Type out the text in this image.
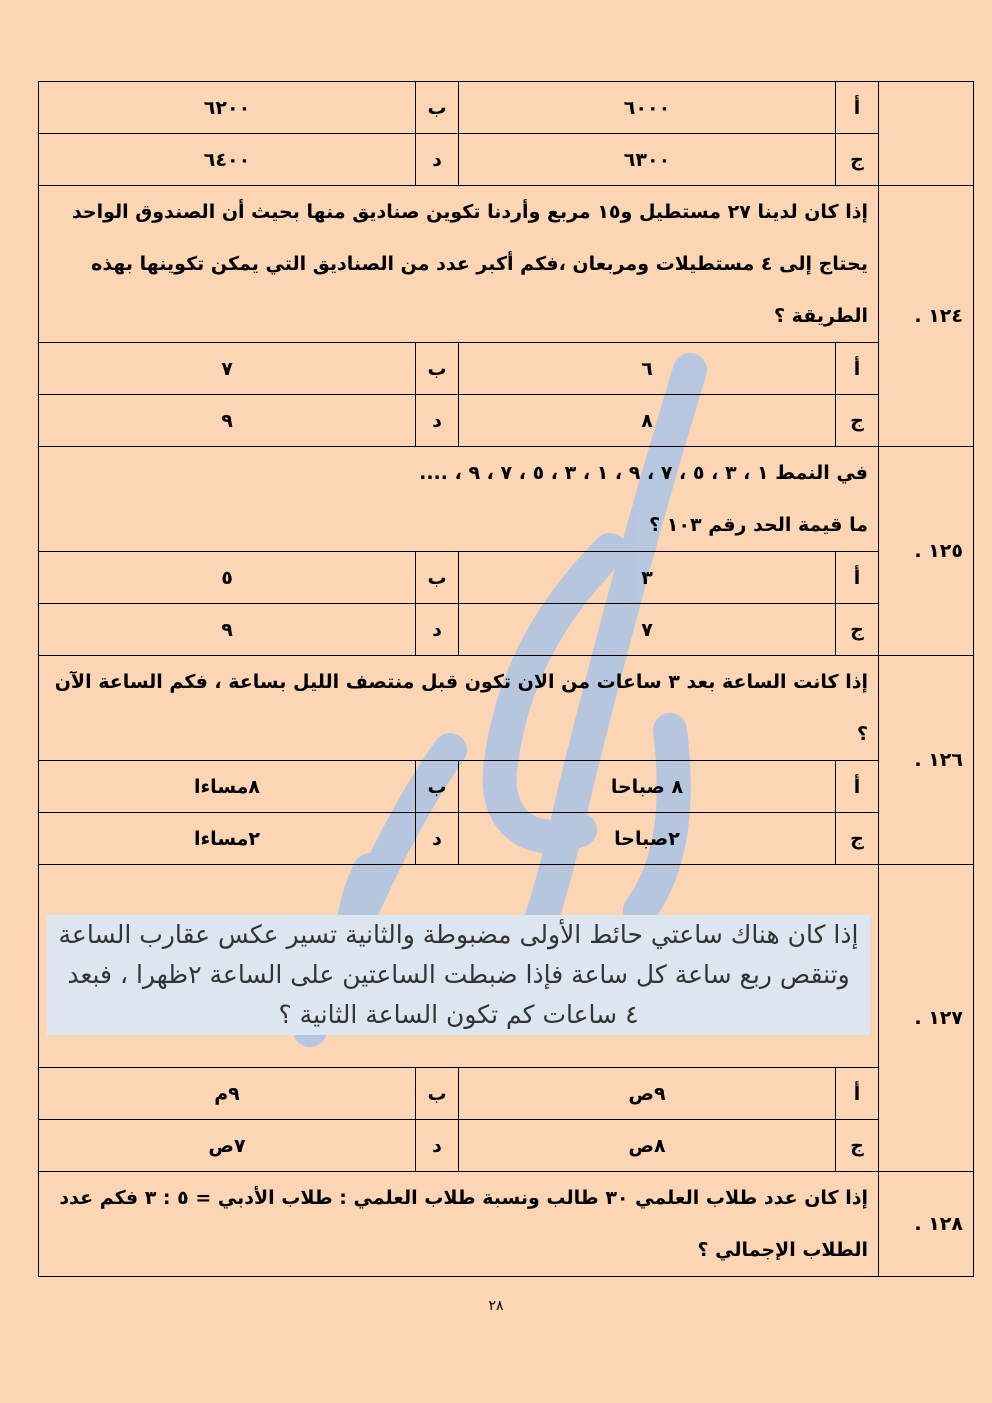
	أ	٦٠٠٠	ب	٦٢٠٠
	ج	٦٣٠٠	د	٦٤٠٠
١٢٤ .	إذا كان لدينا ٢٧ مستطيل و١٥ مربع وأردنا تكوين صناديق منها بحيث أن الصندوق الواحد يحتاج إلى ٤ مستطيلات ومربعان ،فكم أكبر عدد من الصناديق التي يمكن تكوينها بهذه الطريقة ؟			
	أ	٦	ب	٧
	ج	٨	د	٩
١٢٥ .	في النمط ١ ، ٣ ، ٥ ، ٧ ، ٩ ، ١ ، ٣ ، ٥ ، ٧ ، ٩ ، ....
ما قيمة الحد رقم ١٠٣ ؟			

	أ	٣	ب	٥
	ج	٧	د	٩
١٢٦ .	إذا كانت الساعة بعد ٣ ساعات من الان تكون قبل منتصف الليل بساعة ، فكم الساعة الآن ؟			
	أ	٨ صباحا	ب	٨مساءا
	ج	٢صباحا	د	٢مساءا
١٢٧ .	إذا كان هناك ساعتي حائط الأولى مضبوطة والثانية تسير عكس عقارب الساعة وتنقص ربع ساعة كل ساعة فإذا ضبطت الساعتين على الساعة ٢ظهرا ، فبعد ٤ ساعات كم تكون الساعة الثانية ؟			

	أ	٩ص	ب	٩م
	ج	٨ص	د	٧ص
١٢٨ .	إذا كان عدد طلاب العلمي ٣٠ طالب ونسبة طلاب العلمي : طلاب الأدبي = ٥ : ٣ فكم عدد الطلاب الإجمالي ؟			
٢٨
